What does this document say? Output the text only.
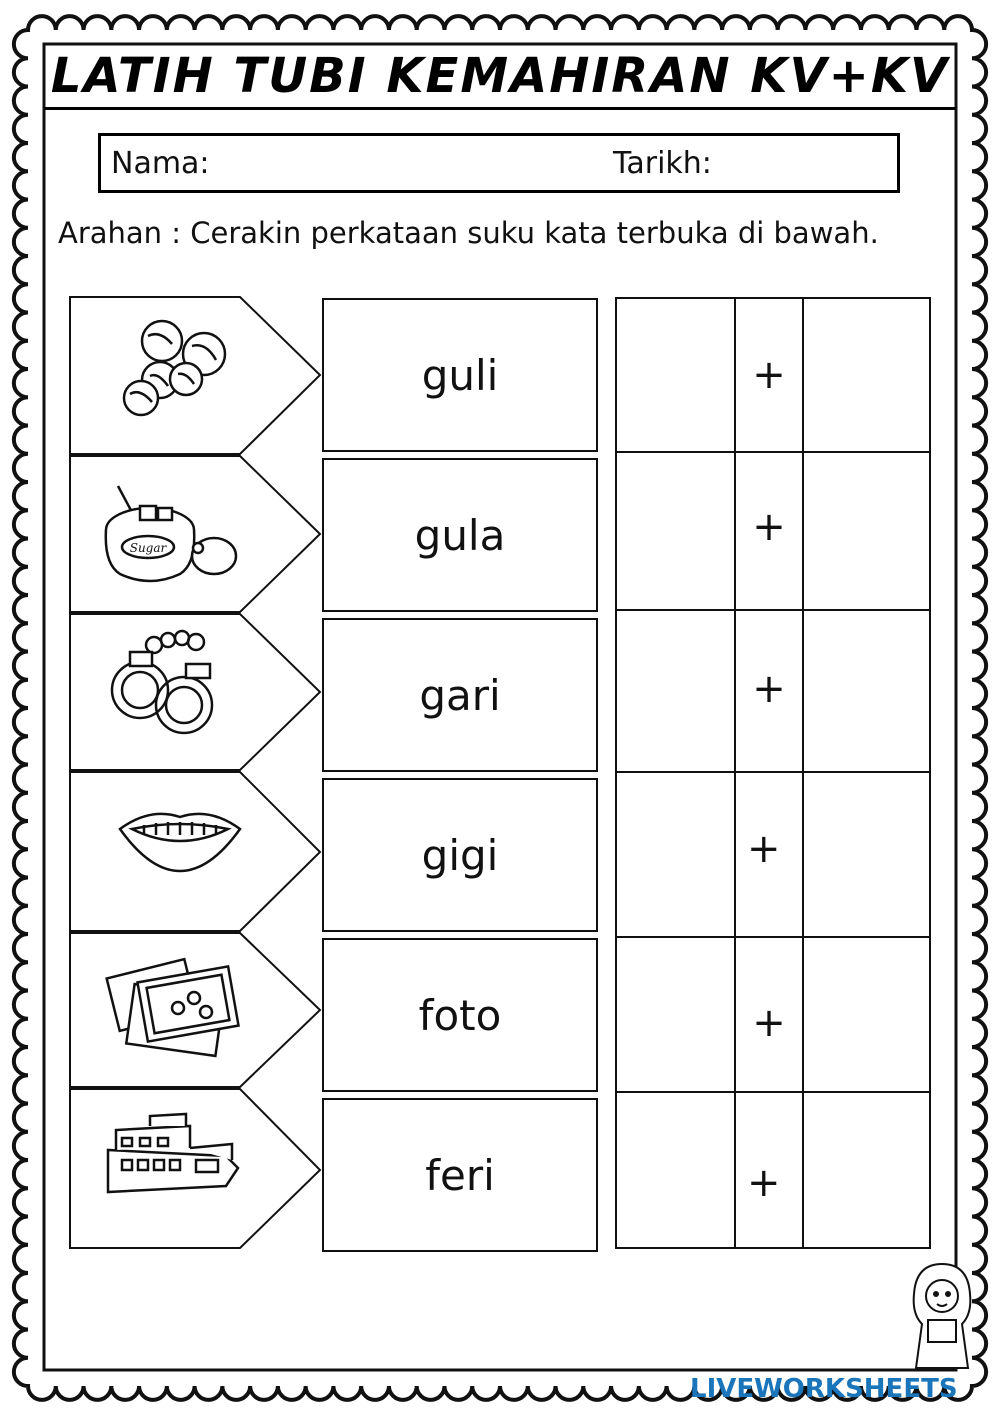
LATIH TUBI KEMAHIRAN KV+KV
Nama:	Tarikh:
Arahan : Cerakin perkataan suku kata terbuka di bawah.
Sugar
guli
gula
gari
gigi
foto
feri
+
+
+
+
+
+
LIVEWORKSHEETS
